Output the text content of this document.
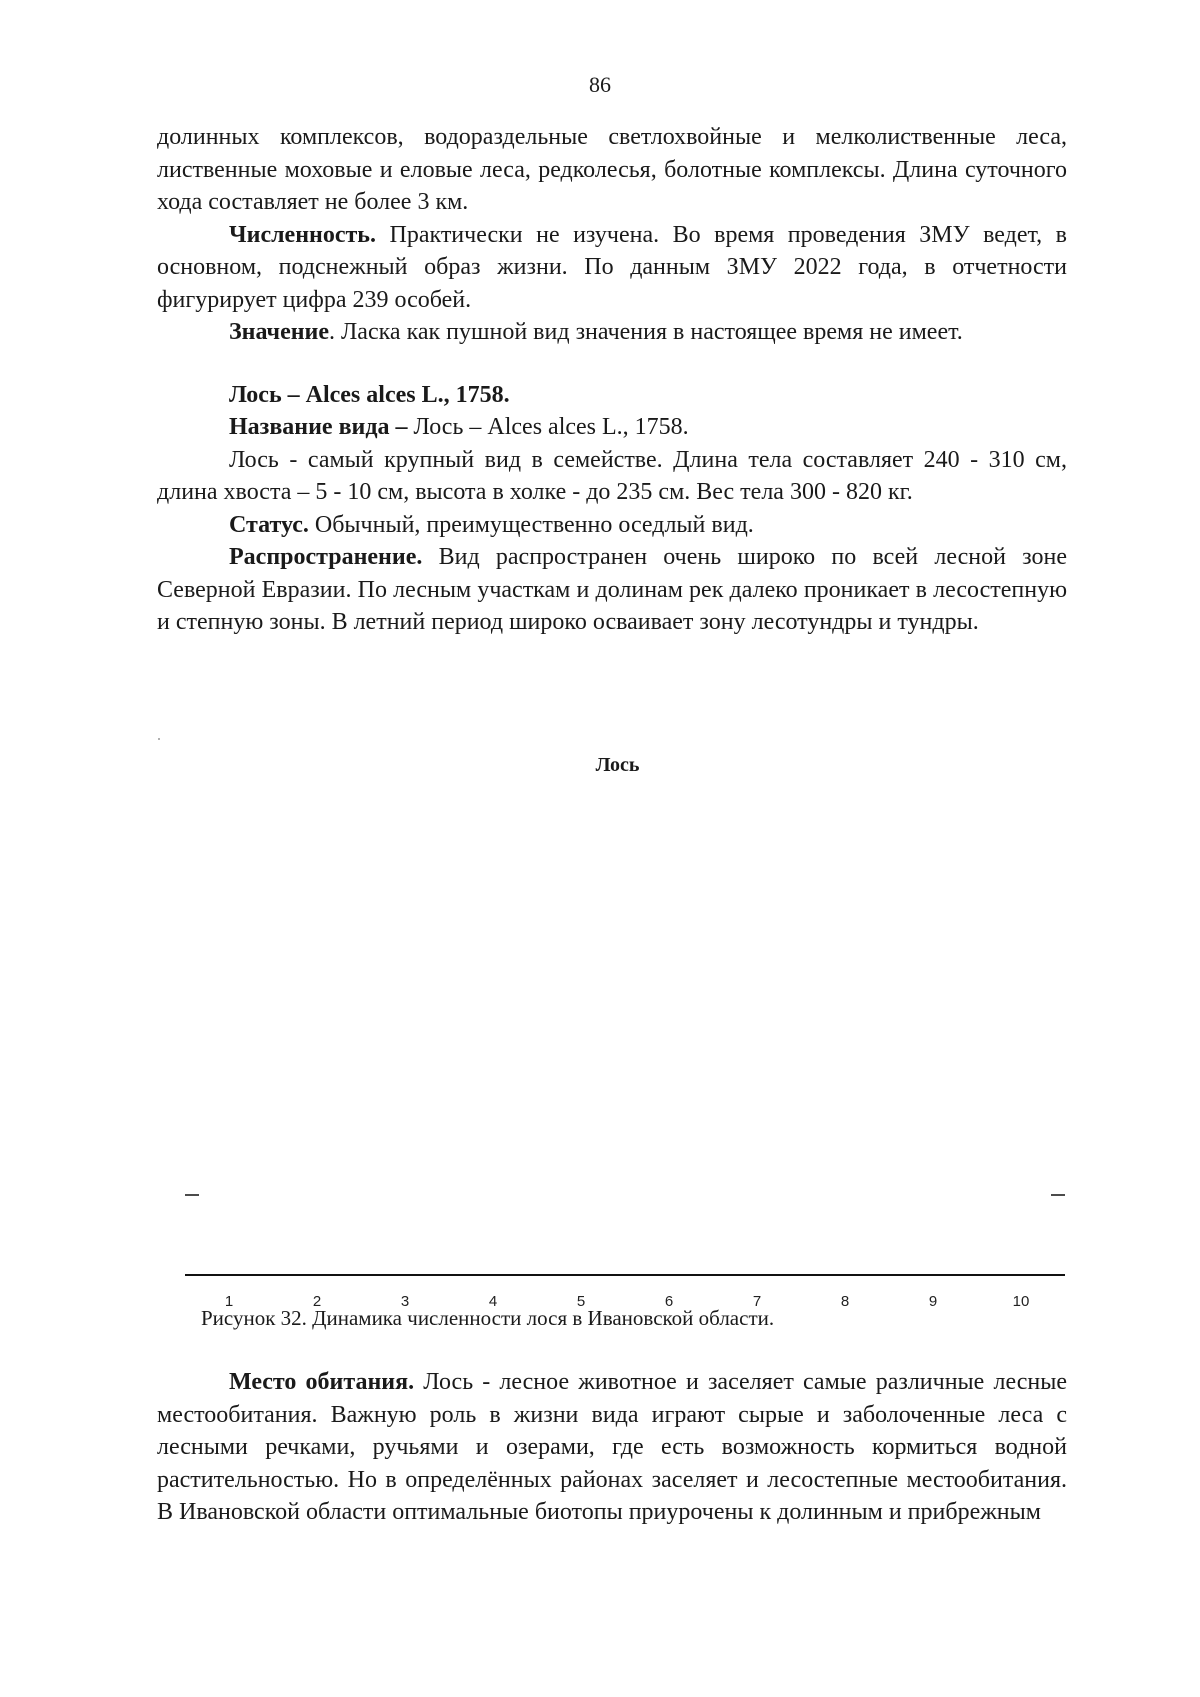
86

долинных комплексов, водораздельные светлохвойные и мелколиственные леса, лиственные моховые и еловые леса, редколесья, болотные комплексы. Длина суточного хода составляет не более 3 км.

Численность. Практически не изучена. Во время проведения ЗМУ ведет, в основном, подснежный образ жизни. По данным ЗМУ 2022 года, в отчетности фигурирует цифра 239 особей.

Значение. Ласка как пушной вид значения в настоящее время не имеет.

Лось – Alces alces L., 1758.

Название вида – Лось – Alces alces L., 1758.

Лось - самый крупный вид в семействе. Длина тела составляет 240 - 310 см, длина хвоста – 5 - 10 см, высота в холке - до 235 см. Вес тела 300 - 820 кг.

Статус. Обычный, преимущественно оседлый вид.

Распространение. Вид распространен очень широко по всей лесной зоне Северной Евразии. По лесным участкам и долинам рек далеко проникает в лесостепную и степную зоны. В летний период широко осваивает зону лесотундры и тундры.

Лось
1	2	3	4	5	6	7	8	9	10
Рисунок 32. Динамика численности лося в Ивановской области.

Место обитания. Лось - лесное животное и заселяет самые различные лесные местообитания. Важную роль в жизни вида играют сырые и заболоченные леса с лесными речками, ручьями и озерами, где есть возможность кормиться водной растительностью. Но в определённых районах заселяет и лесостепные местообитания. В Ивановской области оптимальные биотопы приурочены к долинным и прибрежным
